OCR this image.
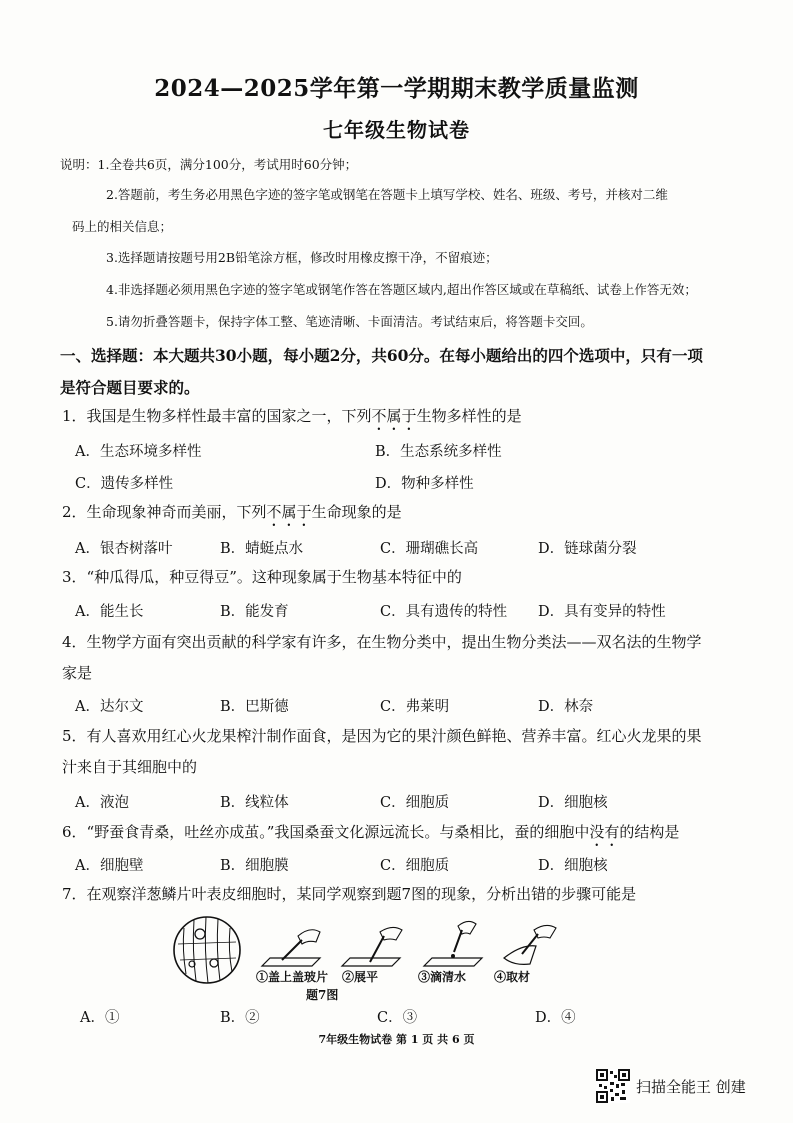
2024—2025学年第一学期期末教学质量监测
七年级生物试卷
说明：1.全卷共6页，满分100分，考试用时60分钟；
2.答题前，考生务必用黑色字迹的签字笔或钢笔在答题卡上填写学校、姓名、班级、考号，并核对二维
码上的相关信息；
3.选择题请按题号用2B铅笔涂方框，修改时用橡皮擦干净，不留痕迹；
4.非选择题必须用黑色字迹的签字笔或钢笔作答在答题区域内,超出作答区域或在草稿纸、试卷上作答无效；
5.请勿折叠答题卡，保持字体工整、笔迹清晰、卡面清洁。考试结束后，将答题卡交回。
一、选择题：本大题共30小题，每小题2分，共60分。在每小题给出的四个选项中，只有一项
是符合题目要求的。
1．我国是生物多样性最丰富的国家之一，下列不属于生物多样性的是
A．生态环境多样性	B．生态系统多样性
C．遗传多样性	D．物种多样性
2．生命现象神奇而美丽，下列不属于生命现象的是
A．银杏树落叶	B．蜻蜓点水	C．珊瑚礁长高	D．链球菌分裂
3．“种瓜得瓜，种豆得豆”。这种现象属于生物基本特征中的
A．能生长	B．能发育	C．具有遗传的特性 D．具有变异的特性
4．生物学方面有突出贡献的科学家有许多，在生物分类中，提出生物分类法——双名法的生物学
家是
A．达尔文	B．巴斯德	C．弗莱明	D．林奈
5．有人喜欢用红心火龙果榨汁制作面食，是因为它的果汁颜色鲜艳、营养丰富。红心火龙果的果
汁来自于其细胞中的
A．液泡	B．线粒体	C．细胞质	D．细胞核
6．“野蚕食青桑，吐丝亦成茧。”我国桑蚕文化源远流长。与桑相比，蚕的细胞中没有的结构是
A．细胞壁	B．细胞膜	C．细胞质	D．细胞核
7．在观察洋葱鳞片叶表皮细胞时，某同学观察到题7图的现象，分析出错的步骤可能是
①盖上盖玻片 ②展平	③滴清水 ④取材
题7图
A．①	B．②	C．③	D．④
7年级生物试卷 第 1 页 共 6 页
扫描全能王 创建
